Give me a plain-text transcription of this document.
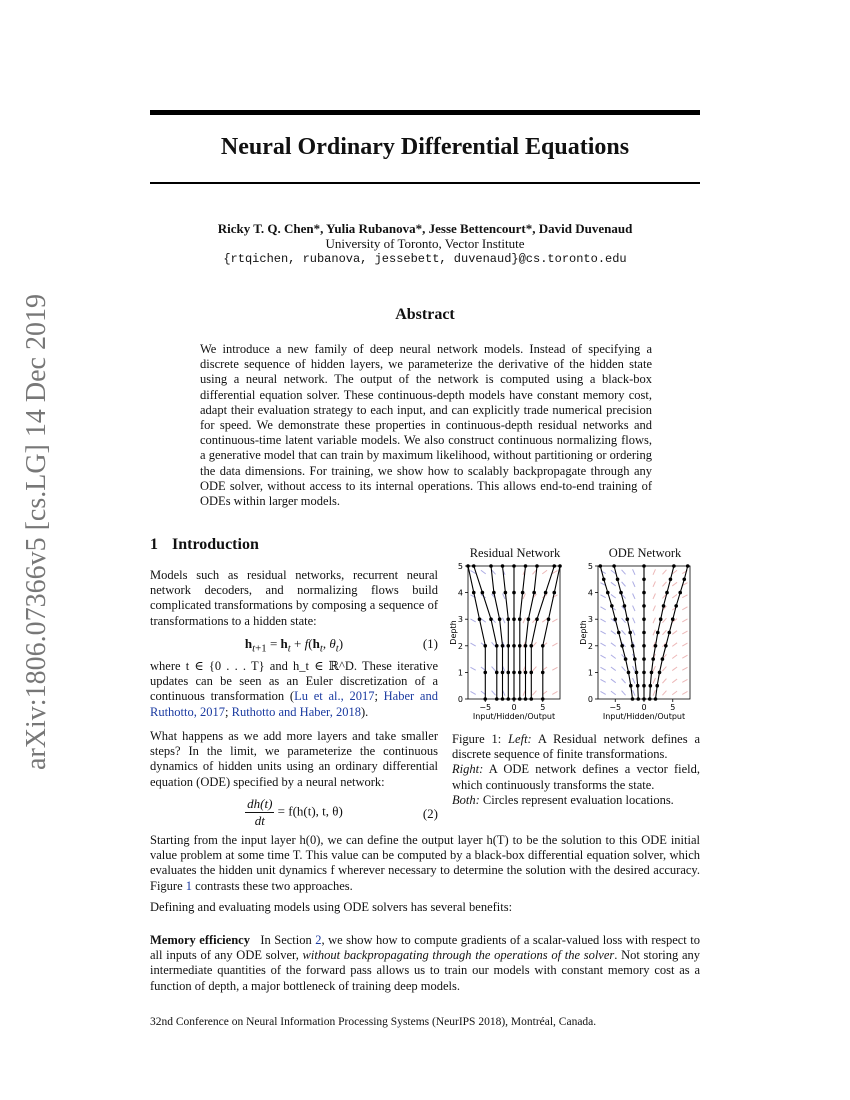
arXiv:1806.07366v5 [cs.LG] 14 Dec 2019
Neural Ordinary Differential Equations
Ricky T. Q. Chen*, Yulia Rubanova*, Jesse Bettencourt*, David Duvenaud
University of Toronto, Vector Institute
{rtqichen, rubanova, jessebett, duvenaud}@cs.toronto.edu
Abstract
We introduce a new family of deep neural network models. Instead of specifying a discrete sequence of hidden layers, we parameterize the derivative of the hidden state using a neural network. The output of the network is computed using a black-box differential equation solver. These continuous-depth models have constant memory cost, adapt their evaluation strategy to each input, and can explicitly trade numerical precision for speed. We demonstrate these properties in continuous-depth residual networks and continuous-time latent variable models. We also construct continuous normalizing flows, a generative model that can train by maximum likelihood, without partitioning or ordering the data dimensions. For training, we show how to scalably backpropagate through any ODE solver, without access to its internal operations. This allows end-to-end training of ODEs within larger models.
1 Introduction
Models such as residual networks, recurrent neural network decoders, and normalizing flows build complicated transformations by composing a sequence of transformations to a hidden state:
$h_{t+1} = h_t + f(h_t$, $\theta_t$)	(1)
where t ∈ {0 . . . T} and h_t ∈ ℝ^D. These iterative updates can be seen as an Euler discretization of a continuous transformation (Lu et al., 2017; Haber and Ruthotto, 2017; Ruthotto and Haber, 2018).
What happens as we add more layers and take smaller steps? In the limit, we parameterize the continuous dynamics of hidden units using an ordinary differential equation (ODE) specified by a neural network:
$\frac{dh(t)}{dt} = f(h(t)$, t, θ)	(2)
Starting from the input layer h(0), we can define the output layer h(T) to be the solution to this ODE initial value problem at some time T. This value can be computed by a black-box differential equation solver, which evaluates the hidden unit dynamics f wherever necessary to determine the solution with the desired accuracy. Figure 1 contrasts these two approaches.
Defining and evaluating models using ODE solvers has several benefits:
Memory efficiency In Section 2, we show how to compute gradients of a scalar-valued loss with respect to all inputs of any ODE solver, without backpropagating through the operations of the solver. Not storing any intermediate quantities of the forward pass allows us to train our models with constant memory cost as a function of depth, a major bottleneck of training deep models.
Residual Network	ODE Network
0
1
2
3
4
5
−5	0	5
Input/Hidden/Output
Depth
0
1
2
3
4
5
−5	0	5
Input/Hidden/Output
Depth
Figure 1: Left: A Residual network defines a discrete sequence of finite transformations.
Right: A ODE network defines a vector field, which continuously transforms the state.
Both: Circles represent evaluation locations.
32nd Conference on Neural Information Processing Systems (NeurIPS 2018), Montréal, Canada.
